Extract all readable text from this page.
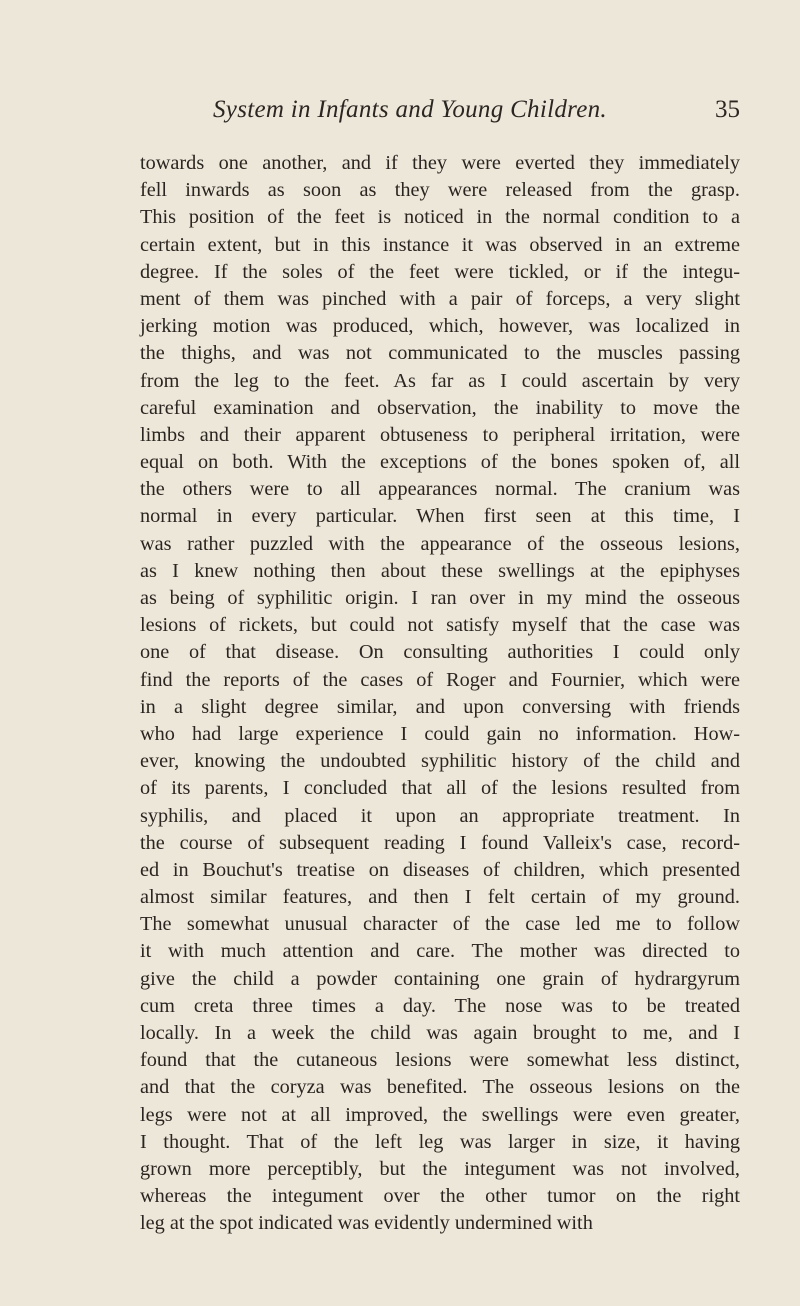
System in Infants and Young Children.	35
towards one another, and if they were everted they immediately
fell inwards as soon as they were released from the grasp.
This position of the feet is noticed in the normal condition to a
certain extent, but in this instance it was observed in an extreme
degree. If the soles of the feet were tickled, or if the integu-
ment of them was pinched with a pair of forceps, a very slight
jerking motion was produced, which, however, was localized in
the thighs, and was not communicated to the muscles passing
from the leg to the feet. As far as I could ascertain by very
careful examination and observation, the inability to move the
limbs and their apparent obtuseness to peripheral irritation, were
equal on both. With the exceptions of the bones spoken of, all
the others were to all appearances normal. The cranium was
normal in every particular. When first seen at this time, I
was rather puzzled with the appearance of the osseous lesions,
as I knew nothing then about these swellings at the epiphyses
as being of syphilitic origin. I ran over in my mind the osseous
lesions of rickets, but could not satisfy myself that the case was
one of that disease. On consulting authorities I could only
find the reports of the cases of Roger and Fournier, which were
in a slight degree similar, and upon conversing with friends
who had large experience I could gain no information. How-
ever, knowing the undoubted syphilitic history of the child and
of its parents, I concluded that all of the lesions resulted from
syphilis, and placed it upon an appropriate treatment. In
the course of subsequent reading I found Valleix's case, record-
ed in Bouchut's treatise on diseases of children, which presented
almost similar features, and then I felt certain of my ground.
The somewhat unusual character of the case led me to follow
it with much attention and care. The mother was directed to
give the child a powder containing one grain of hydrargyrum
cum creta three times a day. The nose was to be treated
locally. In a week the child was again brought to me, and I
found that the cutaneous lesions were somewhat less distinct,
and that the coryza was benefited. The osseous lesions on the
legs were not at all improved, the swellings were even greater,
I thought. That of the left leg was larger in size, it having
grown more perceptibly, but the integument was not involved,
whereas the integument over the other tumor on the right
leg at the spot indicated was evidently undermined with
